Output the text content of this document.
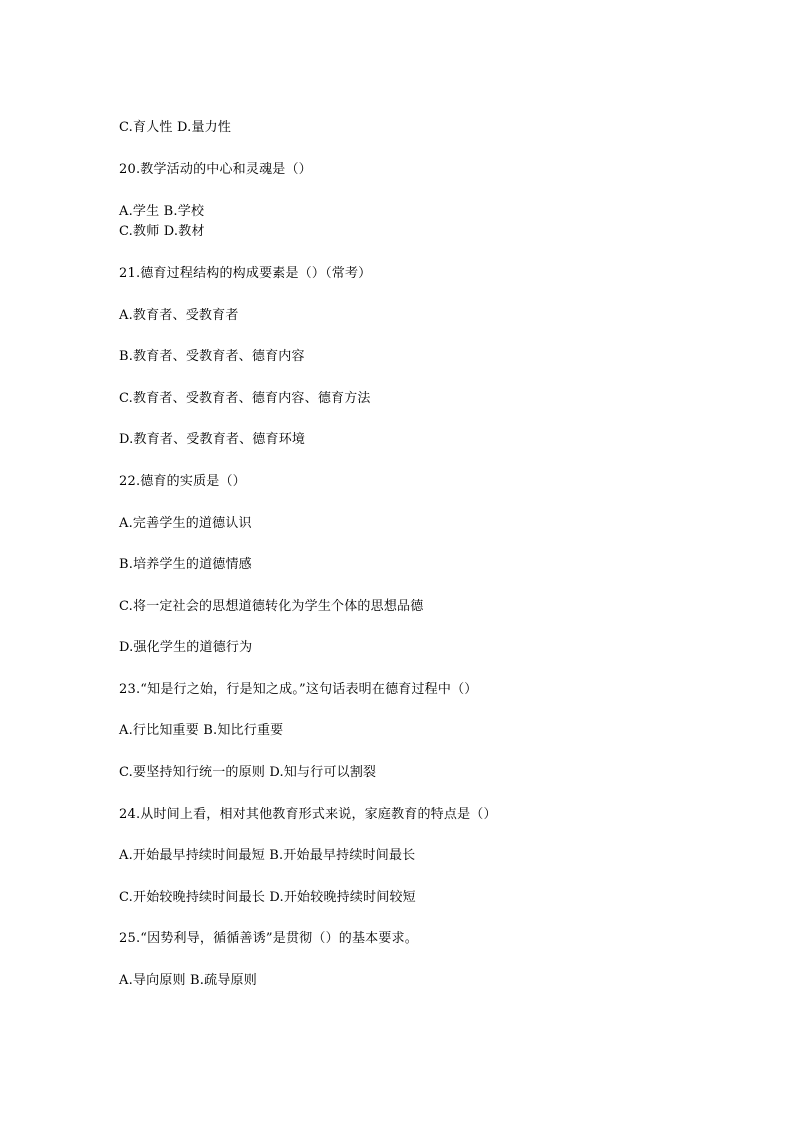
C.育人性 D.量力性
20.教学活动的中心和灵魂是（）
A.学生 B.学校
C.教师 D.教材
21.德育过程结构的构成要素是（）（常考）
A.教育者、受教育者
B.教育者、受教育者、德育内容
C.教育者、受教育者、德育内容、德育方法
D.教育者、受教育者、德育环境
22.德育的实质是（）
A.完善学生的道德认识
B.培养学生的道德情感
C.将一定社会的思想道德转化为学生个体的思想品德
D.强化学生的道德行为
23.“知是行之始，行是知之成。”这句话表明在德育过程中（）
A.行比知重要 B.知比行重要
C.要坚持知行统一的原则 D.知与行可以割裂
24.从时间上看，相对其他教育形式来说，家庭教育的特点是（）
A.开始最早持续时间最短 B.开始最早持续时间最长
C.开始较晚持续时间最长 D.开始较晚持续时间较短
25.“因势利导，循循善诱”是贯彻（）的基本要求。
A.导向原则 B.疏导原则
